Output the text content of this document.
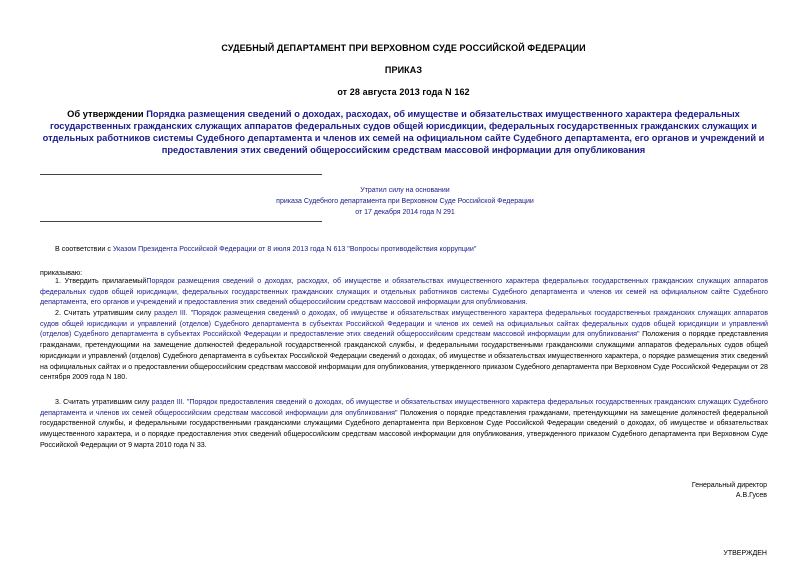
СУДЕБНЫЙ ДЕПАРТАМЕНТ ПРИ ВЕРХОВНОМ СУДЕ РОССИЙСКОЙ ФЕДЕРАЦИИ
ПРИКАЗ
от 28 августа 2013 года N 162
Об утверждении Порядка размещения сведений о доходах, расходах, об имуществе и обязательствах имущественного характера федеральных государственных гражданских служащих аппаратов федеральных судов общей юрисдикции, федеральных государственных гражданских служащих и отдельных работников системы Судебного департамента и членов их семей на официальном сайте Судебного департамента, его органов и учреждений и предоставления этих сведений общероссийским средствам массовой информации для опубликования
Утратил силу на основании
приказа Судебного департамента при Верховном Суде Российской Федерации
от 17 декабря 2014 года N 291
В соответствии с Указом Президента Российской Федерации от 8 июля 2013 года N 613 "Вопросы противодействия коррупции"
приказываю:
1. Утвердить прилагаемыйПорядок размещения сведений о доходах, расходах, об имуществе и обязательствах имущественного характера федеральных государственных гражданских служащих аппаратов федеральных судов общей юрисдикции, федеральных государственных гражданских служащих и отдельных работников системы Судебного департамента и членов их семей на официальном сайте Судебного департамента, его органов и учреждений и предоставления этих сведений общероссийским средствам массовой информации для опубликования.
2. Считать утратившим силу раздел III. "Порядок размещения сведений о доходах, об имуществе и обязательствах имущественного характера федеральных государственных гражданских служащих аппаратов судов общей юрисдикции и управлений (отделов) Судебного департамента в субъектах Российской Федерации и членов их семей на официальных сайтах федеральных судов общей юрисдикции и управлений (отделов) Судебного департамента в субъектах Российской Федерации и предоставление этих сведений общероссийским средствам массовой информации для опубликования" Положения о порядке представления гражданами, претендующими на замещение должностей федеральной государственной гражданской службы, и федеральными государственными гражданскими служащими аппаратов федеральных судов общей юрисдикции и управлений (отделов) Судебного департамента в субъектах Российской Федерации сведений о доходах, об имуществе и обязательствах имущественного характера, о порядке размещения этих сведений на официальных сайтах и о предоставлении общероссийским средствам массовой информации для опубликования, утвержденного приказом Судебного департамента при Верховном Суде Российской Федерации от 28 сентября 2009 года N 180.
3. Считать утратившим силу раздел III. "Порядок предоставления сведений о доходах, об имуществе и обязательствах имущественного характера федеральных государственных гражданских служащих Судебного департамента и членов их семей общероссийским средствам массовой информации для опубликования" Положения о порядке представления гражданами, претендующими на замещение должностей федеральной государственной службы, и федеральными государственными гражданскими служащими Судебного департамента при Верховном Суде Российской Федерации сведений о доходах, об имуществе и обязательствах имущественного характера, и о порядке предоставления этих сведений общероссийским средствам массовой информации для опубликования, утвержденного приказом Судебного департамента при Верховном Суде Российской Федерации от 9 марта 2010 года N 33.
Генеральный директор
А.В.Гусев
УТВЕРЖДЕН
